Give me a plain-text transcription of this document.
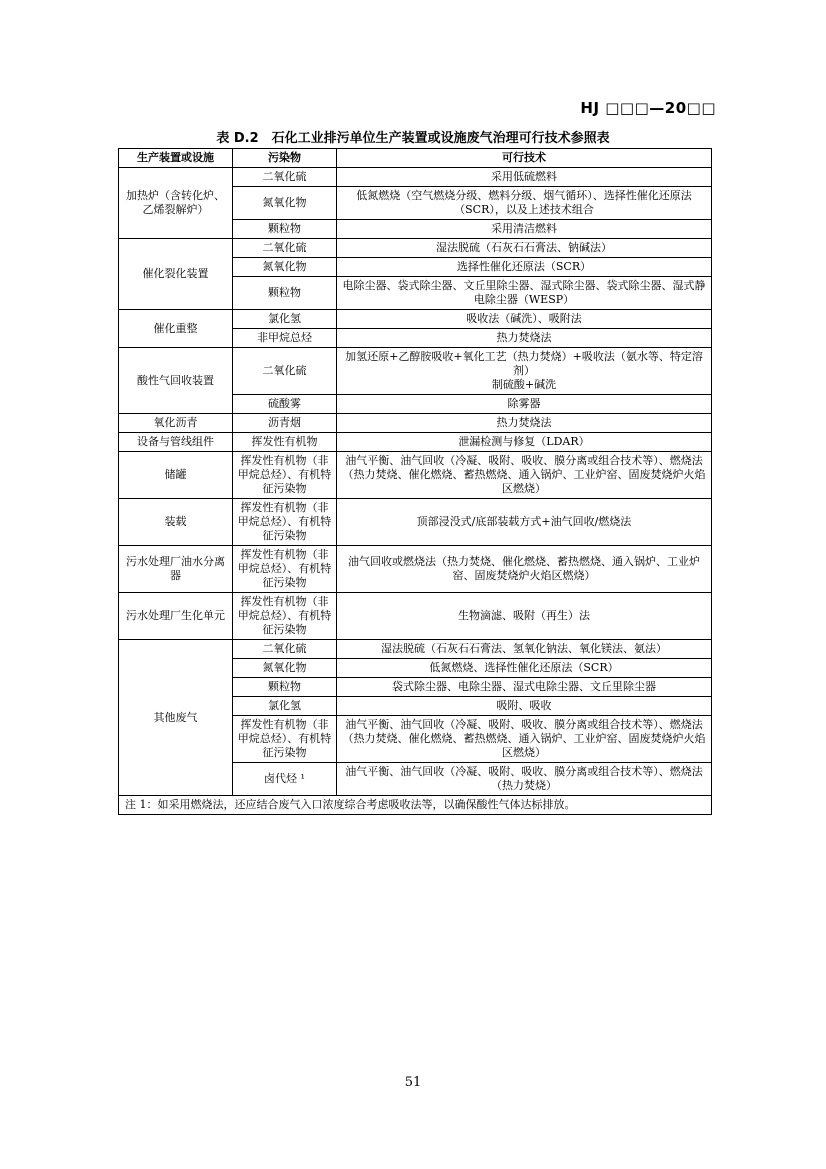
HJ □□□—20□□
表 D.2　石化工业排污单位生产装置或设施废气治理可行技术参照表
生产装置或设施	污染物	可行技术
加热炉（含转化炉、乙烯裂解炉）	二氧化硫	采用低硫燃料
	氮氧化物	低氮燃烧（空气燃烧分级、燃料分级、烟气循环）、选择性催化还原法（SCR），以及上述技术组合
	颗粒物	采用清洁燃料
催化裂化装置	二氧化硫	湿法脱硫（石灰石石膏法、钠碱法）
	氮氧化物	选择性催化还原法（SCR）
	颗粒物	电除尘器、袋式除尘器、文丘里除尘器、湿式除尘器、袋式除尘器、湿式静电除尘器（WESP）
催化重整	氯化氢	吸收法（碱洗）、吸附法
	非甲烷总烃	热力焚烧法
酸性气回收装置	二氧化硫	加氢还原+乙醇胺吸收+氧化工艺（热力焚烧）+吸收法（氨水等、特定溶剂）
制硫酸+碱洗
	硫酸雾	除雾器
氧化沥青	沥青烟	热力焚烧法
设备与管线组件	挥发性有机物	泄漏检测与修复（LDAR）
储罐	挥发性有机物（非甲烷总烃）、有机特征污染物	油气平衡、油气回收（冷凝、吸附、吸收、膜分离或组合技术等）、燃烧法（热力焚烧、催化燃烧、蓄热燃烧、通入锅炉、工业炉窑、固废焚烧炉火焰区燃烧）
装载	挥发性有机物（非甲烷总烃）、有机特征污染物	顶部浸没式/底部装载方式+油气回收/燃烧法
污水处理厂油水分离器	挥发性有机物（非甲烷总烃）、有机特征污染物	油气回收或燃烧法（热力焚烧、催化燃烧、蓄热燃烧、通入锅炉、工业炉窑、固废焚烧炉火焰区燃烧）
污水处理厂生化单元	挥发性有机物（非甲烷总烃）、有机特征污染物	生物滴滤、吸附（再生）法
其他废气	二氧化硫	湿法脱硫（石灰石石膏法、氢氧化钠法、氧化镁法、氨法）
	氮氧化物	低氮燃烧、选择性催化还原法（SCR）
	颗粒物	袋式除尘器、电除尘器、湿式电除尘器、文丘里除尘器
	氯化氢	吸附、吸收
	挥发性有机物（非甲烷总烃）、有机特征污染物	油气平衡、油气回收（冷凝、吸附、吸收、膜分离或组合技术等）、燃烧法（热力焚烧、催化燃烧、蓄热燃烧、通入锅炉、工业炉窑、固废焚烧炉火焰区燃烧）
	卤代烃 ¹	油气平衡、油气回收（冷凝、吸附、吸收、膜分离或组合技术等）、燃烧法（热力焚烧）
注 1：如采用燃烧法，还应结合废气入口浓度综合考虑吸收法等，以确保酸性气体达标排放。		
51
